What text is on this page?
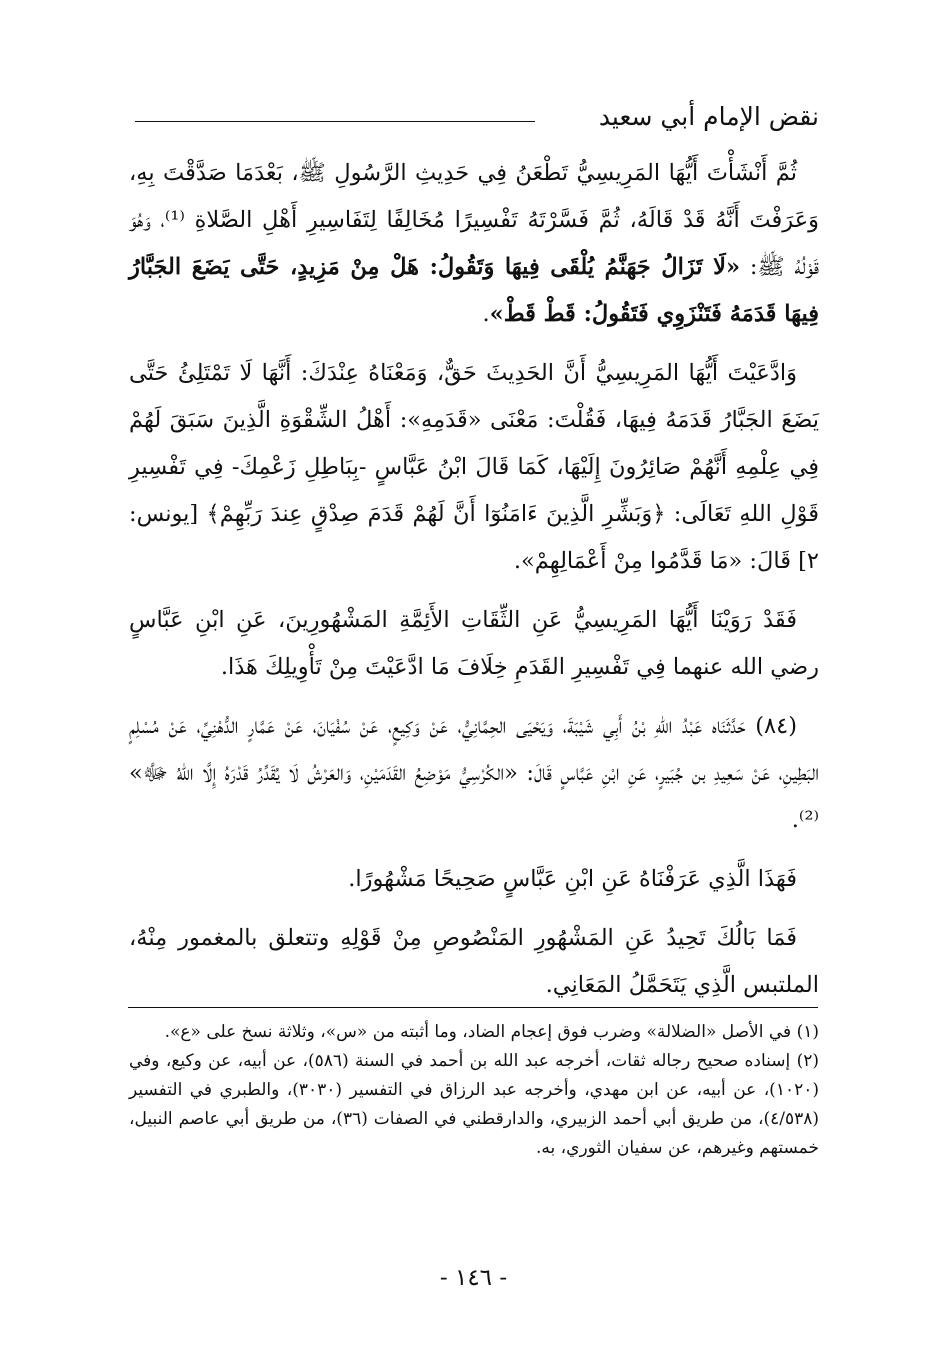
نقض الإمام أبي سعيد

ثُمَّ أَنْشَأْتَ أَيُّهَا المَرِيسِيُّ تَطْعَنُ فِي حَدِيثِ الرَّسُولِ ﷺ، بَعْدَمَا صَدَّقْتَ بِهِ، وَعَرَفْتَ أَنَّهُ قَدْ قَالَهُ، ثُمَّ فَسَّرْتَهُ تَفْسِيرًا مُخَالِفًا لِتَفَاسِيرِ أَهْلِ الصَّلاةِ ⁽¹⁾، وَهُوَ قَوْلُهُ ﷺ: «لَا تَزَالُ جَهَنَّمُ يُلْقَى فِيهَا وَتَقُولُ: هَلْ مِنْ مَزِيدٍ، حَتَّى يَضَعَ الجَبَّارُ فِيهَا قَدَمَهُ فَتَنْزَوِي فَتَقُولُ: قَطْ قَطْ».

وَادَّعَيْتَ أَيُّهَا المَرِيسِيُّ أَنَّ الحَدِيثَ حَقٌّ، وَمَعْنَاهُ عِنْدَكَ: أَنَّهَا لَا تَمْتَلِئُ حَتَّى يَضَعَ الجَبَّارُ قَدَمَهُ فِيهَا، فَقُلْتَ: مَعْنَى «قَدَمِهِ»: أَهْلُ الشِّقْوَةِ الَّذِينَ سَبَقَ لَهُمْ فِي عِلْمِهِ أَنَّهُمْ صَائِرُونَ إِلَيْهَا، كَمَا قَالَ ابْنُ عَبَّاسٍ -بِبَاطِلِ زَعْمِكَ- فِي تَفْسِيرِ قَوْلِ اللهِ تَعَالَى: ﴿وَبَشِّرِ الَّذِينَ ءَامَنُوٓا أَنَّ لَهُمْ قَدَمَ صِدْقٍ عِندَ رَبِّهِمْ﴾ [يونس: ٢] قَالَ: «مَا قَدَّمُوا مِنْ أَعْمَالِهِمْ».

فَقَدْ رَوَيْنَا أَيُّهَا المَرِيسِيُّ عَنِ الثِّقَاتِ الأَئِمَّةِ المَشْهُورِينَ، عَنِ ابْنِ عَبَّاسٍ رضي الله عنهما فِي تَفْسِيرِ القَدَمِ خِلَافَ مَا ادَّعَيْتَ مِنْ تَأْوِيلِكَ هَذَا.

(٨٤) حَدَّثَنَاه عَبْدُ اللهِ بْنُ أَبِي شَيْبَةَ، وَيَحْيَى الحِمَّانِيُّ، عَنْ وَكِيعٍ، عَنْ سُفْيَانَ، عَنْ عَمَّارٍ الدُّهْنِيِّ، عَنْ مُسْلِمٍ البَطِينِ، عَنْ سَعِيدِ بن جُبَيرٍ، عَنِ ابْنِ عَبَّاسٍ قَالَ: «الكُرْسِيُّ مَوْضِعُ القَدَمَيْنِ، وَالعَرْشُ لَا يُقَدِّرُ قَدْرَهُ إِلَّا اللهُ ﷻ» ⁽²⁾.

فَهَذَا الَّذِي عَرَفْنَاهُ عَنِ ابْنِ عَبَّاسٍ صَحِيحًا مَشْهُورًا.

فَمَا بَالُكَ تَحِيدُ عَنِ المَشْهُورِ المَنْصُوصِ مِنْ قَوْلِهِ وتتعلق بالمغمور مِنْهُ، الملتبس الَّذِي يَتَحَمَّلُ المَعَانِي.

(١) في الأصل «الضلالة» وضرب فوق إعجام الضاد، وما أثبته من «س»، وثلاثة نسخ على «ع».

(٢) إسناده صحيح رجاله ثقات، أخرجه عبد الله بن أحمد في السنة (٥٨٦)، عن أبيه، عن وكيع، وفي (١٠٢٠)، عن أبيه، عن ابن مهدي، وأخرجه عبد الرزاق في التفسير (٣٠٣٠)، والطبري في التفسير (٤/٥٣٨)، من طريق أبي أحمد الزبيري، والدارقطني في الصفات (٣٦)، من طريق أبي عاصم النبيل، خمستهم وغيرهم، عن سفيان الثوري، به.

- ١٤٦ -
